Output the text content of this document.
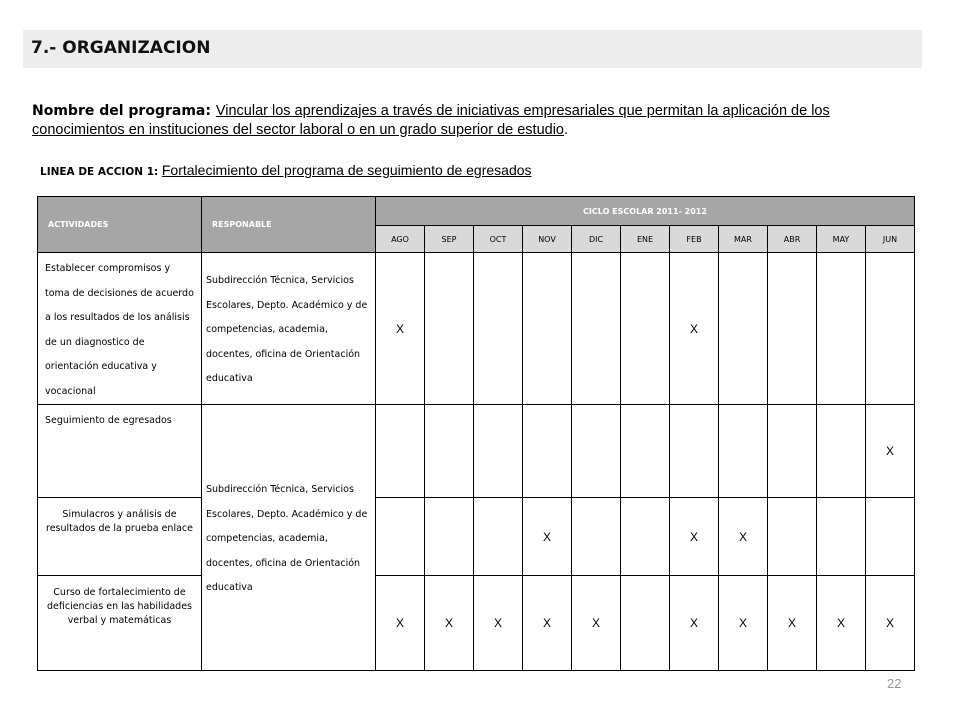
7.- ORGANIZACION
Nombre del programa: Vincular los aprendizajes a través de iniciativas empresariales que permitan la aplicación de los conocimientos en instituciones del sector laboral o en un grado superior de estudio.
LINEA DE ACCION 1: Fortalecimiento del programa de seguimiento de egresados
ACTIVIDADES	RESPONABLE	CICLO ESCOLAR 2011- 2012										
		AGO	SEP	OCT	NOV	DIC	ENE	FEB	MAR	ABR	MAY	JUN
Establecer compromisos y toma de decisiones de acuerdo a los resultados de los análisis de un diagnostico de orientación educativa y vocacional	Subdirección Técnica, Servicios Escolares, Depto. Académico y de competencias, academia, docentes, oficina de Orientación educativa	X						X				
Seguimiento de egresados	Subdirección Técnica, Servicios Escolares, Depto. Académico y de competencias, academia, docentes, oficina de Orientación educativa											X
Simulacros y análisis de resultados de la prueba enlace					X			X	X			
Curso de fortalecimiento de deficiencias en las habilidades verbal y matemáticas		X	X	X	X	X		X	X	X	X	X
22
